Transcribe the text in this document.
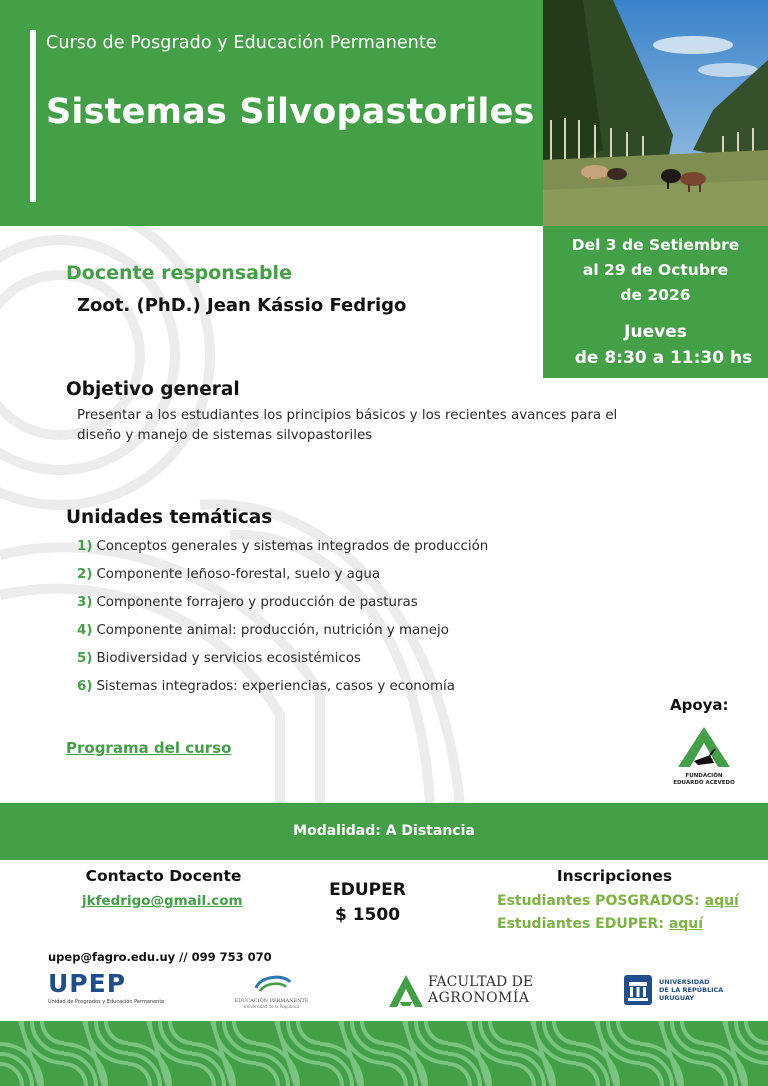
Curso de Posgrado y Educación Permanente
Sistemas Silvopastoriles
Del 3 de Setiembre
al 29 de Octubre
de 2026
Jueves
de 8:30 a 11:30 hs
Docente responsable
Zoot. (PhD.) Jean Kássio Fedrigo
Objetivo general
Presentar a los estudiantes los principios básicos y los recientes avances para el
diseño y manejo de sistemas silvopastoriles
Unidades temáticas
1) Conceptos generales y sistemas integrados de producción
2) Componente leñoso-forestal, suelo y agua
3) Componente forrajero y producción de pasturas
4) Componente animal: producción, nutrición y manejo
5) Biodiversidad y servicios ecosistémicos
6) Sistemas integrados: experiencias, casos y economía
Programa del curso
Apoya:
FUNDACIÓN
EDUARDO ACEVEDO
Modalidad: A Distancia
Contacto Docente
jkfedrigo@gmail.com
EDUPER
$ 1500
Inscripciones
Estudiantes POSGRADOS: aquí
Estudiantes EDUPER: aquí
upep@fagro.edu.uy // 099 753 070
UPEP
Unidad de Posgrados y Educación Permanente	EDUCACIÓN PERMANENTE
Universidad de la República
FACULTAD DE
AGRONOMÍA
UNIVERSIDAD
DE LA REPÚBLICA
URUGUAY
